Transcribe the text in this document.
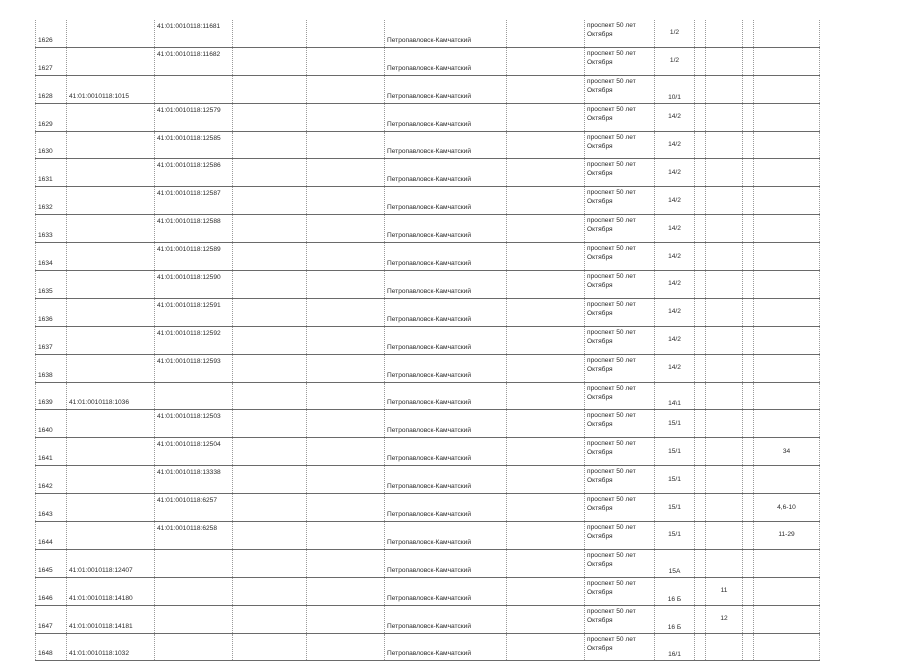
1626		41:01:0010118:11681			Петропавловск-Камчатский		проспект 50 лет
Октября	1/2				
1627		41:01:0010118:11682			Петропавловск-Камчатский		проспект 50 лет
Октября	1/2				
1628	41:01:0010118:1015				Петропавловск-Камчатский		проспект 50 лет
Октября	10/1				
1629		41:01:0010118:12579			Петропавловск-Камчатский		проспект 50 лет
Октября	14/2				
1630		41:01:0010118:12585			Петропавловск-Камчатский		проспект 50 лет
Октября	14/2				
1631		41:01:0010118:12586			Петропавловск-Камчатский		проспект 50 лет
Октября	14/2				
1632		41:01:0010118:12587			Петропавловск-Камчатский		проспект 50 лет
Октября	14/2				
1633		41:01:0010118:12588			Петропавловск-Камчатский		проспект 50 лет
Октября	14/2				
1634		41:01:0010118:12589			Петропавловск-Камчатский		проспект 50 лет
Октября	14/2				
1635		41:01:0010118:12590			Петропавловск-Камчатский		проспект 50 лет
Октября	14/2				
1636		41:01:0010118:12591			Петропавловск-Камчатский		проспект 50 лет
Октября	14/2				
1637		41:01:0010118:12592			Петропавловск-Камчатский		проспект 50 лет
Октября	14/2				
1638		41:01:0010118:12593			Петропавловск-Камчатский		проспект 50 лет
Октября	14/2				
1639	41:01:0010118:1036				Петропавловск-Камчатский		проспект 50 лет
Октября	14\1				
1640		41:01:0010118:12503			Петропавловск-Камчатский		проспект 50 лет
Октября	15/1				
1641		41:01:0010118:12504			Петропавловск-Камчатский		проспект 50 лет
Октября	15/1				34
1642		41:01:0010118:13338			Петропавловск-Камчатский		проспект 50 лет
Октября	15/1				
1643		41:01:0010118:6257			Петропавловск-Камчатский		проспект 50 лет
Октября	15/1				4,6-10
1644		41:01:0010118:6258			Петропавловск-Камчатский		проспект 50 лет
Октября	15/1				11-29
1645	41:01:0010118:12407				Петропавловск-Камчатский		проспект 50 лет
Октября	15А				
1646	41:01:0010118:14180				Петропавловск-Камчатский		проспект 50 лет
Октября	16 Б		11		
1647	41:01:0010118:14181				Петропавловск-Камчатский		проспект 50 лет
Октября	16 Б		12		
1648	41:01:0010118:1032				Петропавловск-Камчатский		проспект 50 лет
Октября	16/1				
